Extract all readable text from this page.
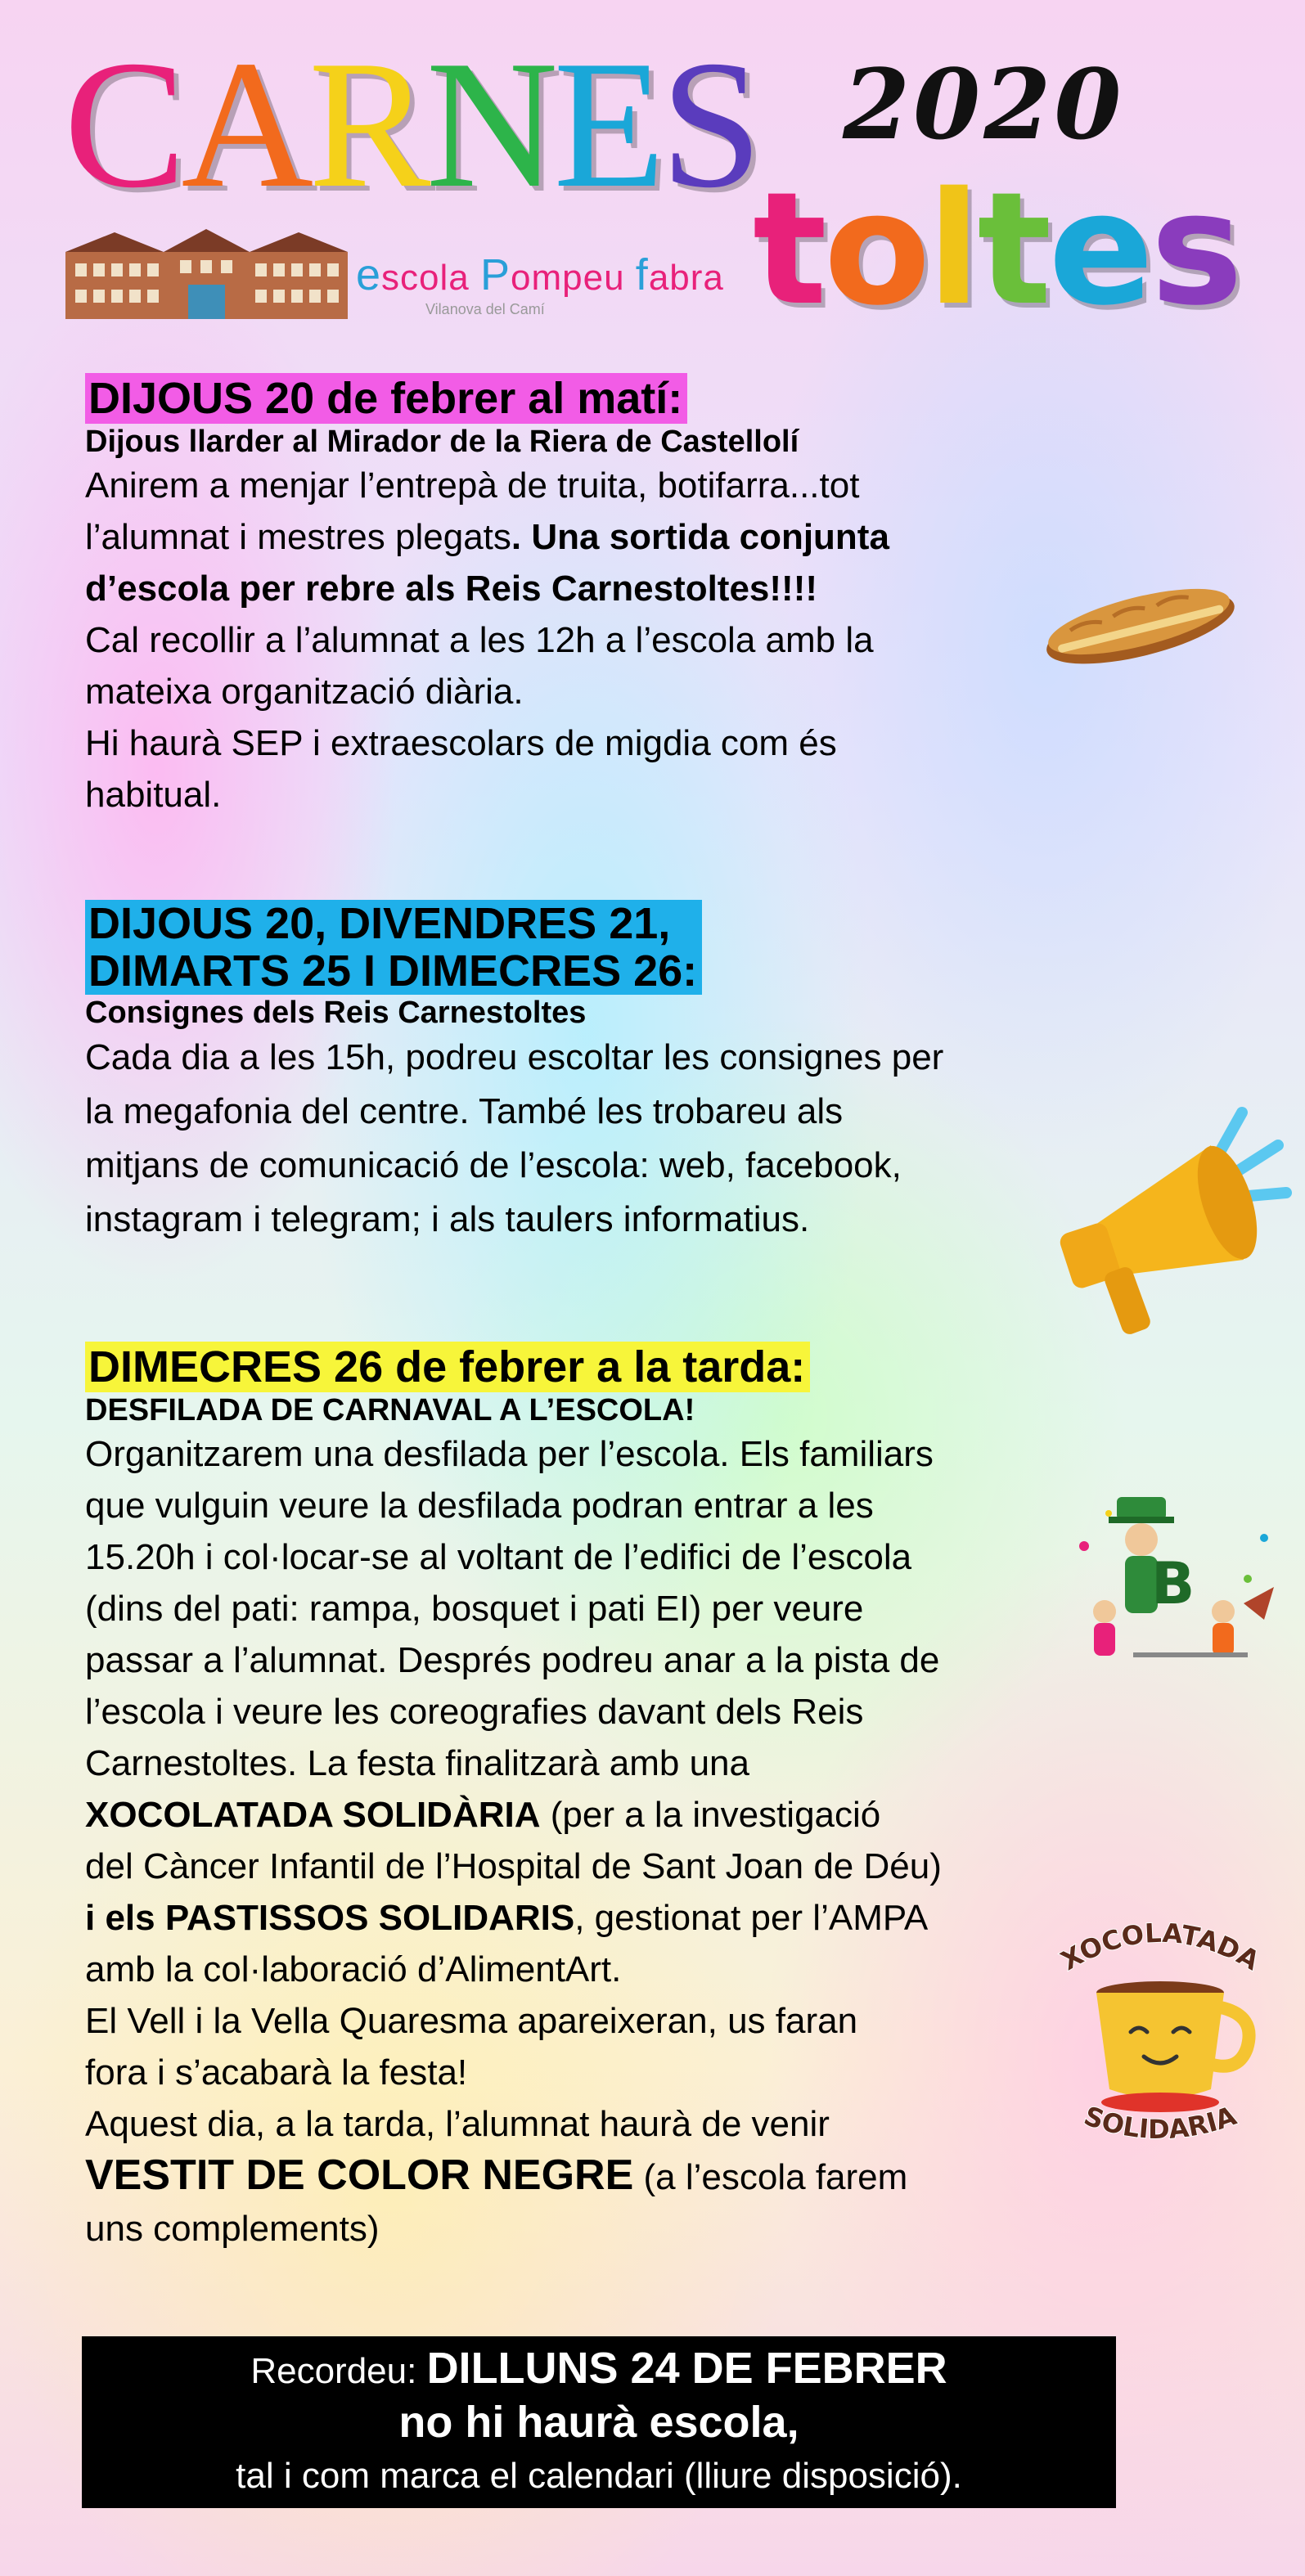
CARNES 2020
toltes
escola Pompeu fabra
Vilanova del Camí
DIJOUS 20 de febrer al matí:
Dijous llarder al Mirador de la Riera de Castellolí
Anirem a menjar l’entrepà de truita, botifarra...tot
l’alumnat i mestres plegats. Una sortida conjunta
d’escola per rebre als Reis Carnestoltes!!!!
Cal recollir a l’alumnat a les 12h a l’escola amb la
mateixa organització diària.
Hi haurà SEP i extraescolars de migdia com és
habitual.
DIJOUS 20, DIVENDRES 21,
DIMARTS 25 I DIMECRES 26:
Consignes dels Reis Carnestoltes
Cada dia a les 15h, podreu escoltar les consignes per
la megafonia del centre. També les trobareu als
mitjans de comunicació de l’escola: web, facebook,
instagram i telegram; i als taulers informatius.
DIMECRES 26 de febrer a la tarda:
DESFILADA DE CARNAVAL A L’ESCOLA!
Organitzarem una desfilada per l’escola. Els familiars
que vulguin veure la desfilada podran entrar a les
15.20h i col·locar-se al voltant de l’edifici de l’escola
(dins del pati: rampa, bosquet i pati EI) per veure
passar a l’alumnat. Després podreu anar a la pista de
l’escola i veure les coreografies davant dels Reis
Carnestoltes. La festa finalitzarà amb una
XOCOLATADA SOLIDÀRIA (per a la investigació
del Càncer Infantil de l’Hospital de Sant Joan de Déu)
i els PASTISSOS SOLIDARIS, gestionat per l’AMPA
amb la col·laboració d’AlimentArt.
El Vell i la Vella Quaresma apareixeran, us faran
fora i s’acabarà la festa!
Aquest dia, a la tarda, l’alumnat haurà de venir
VESTIT DE COLOR NEGRE (a l’escola farem
uns complements)
B
XOCOLATADA
SOLIDARIA
Recordeu: DILLUNS 24 DE FEBRER
no hi haurà escola,
tal i com marca el calendari (lliure disposició).
